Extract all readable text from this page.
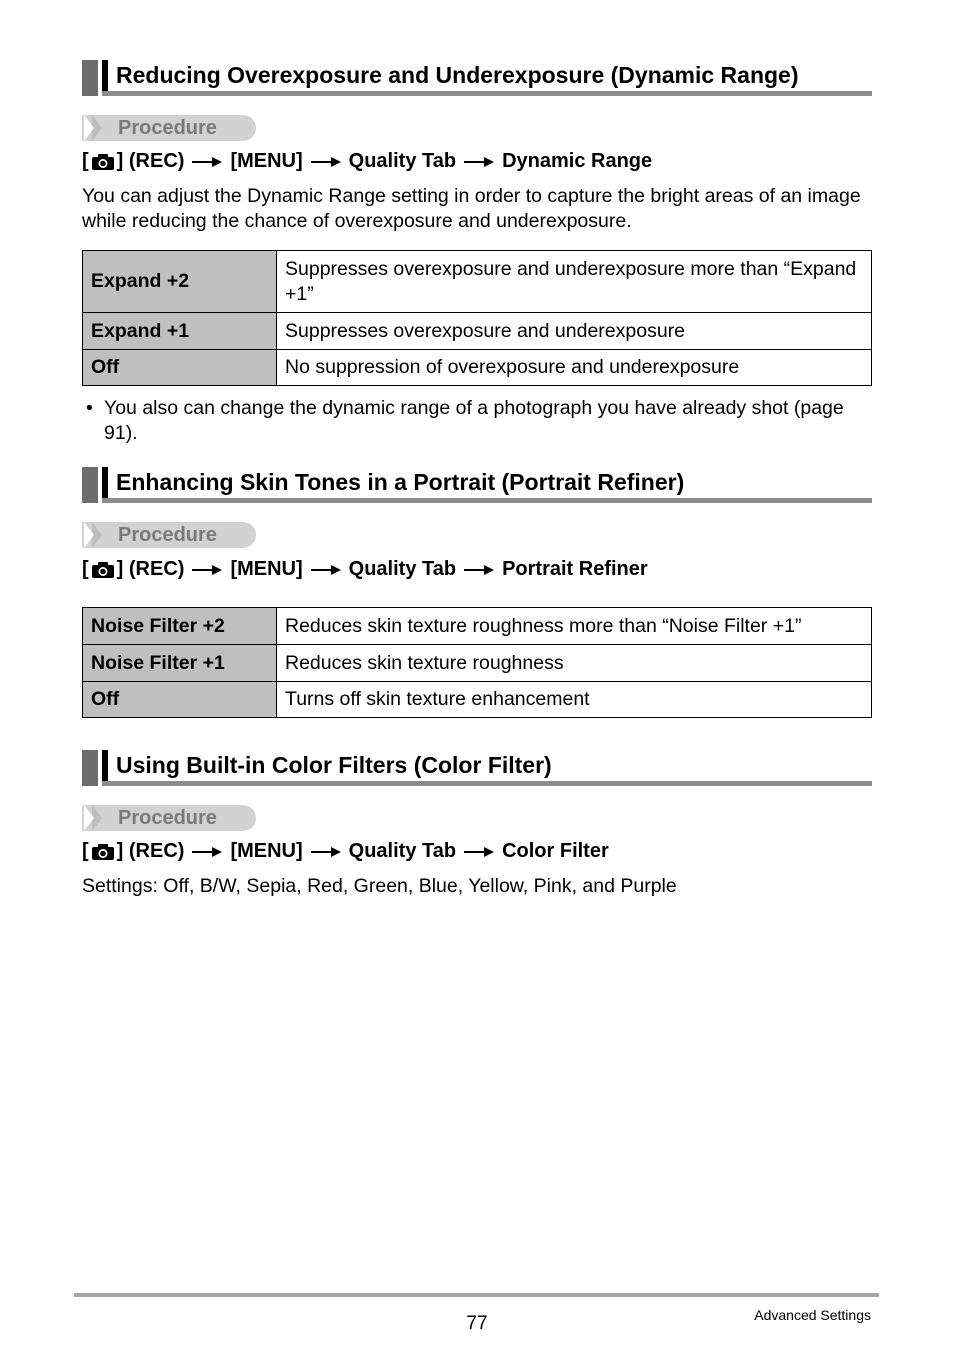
Reducing Overexposure and Underexposure (Dynamic Range)
Procedure
[ ] (REC) [MENU] Quality Tab Dynamic Range
You can adjust the Dynamic Range setting in order to capture the bright areas of an image while reducing the chance of overexposure and underexposure.
Expand +2	Suppresses overexposure and underexposure more than “Expand +1”
Expand +1	Suppresses overexposure and underexposure
Off	No suppression of overexposure and underexposure
• You also can change the dynamic range of a photograph you have already shot (page 91).
Enhancing Skin Tones in a Portrait (Portrait Refiner)
Procedure
[ ] (REC) [MENU] Quality Tab Portrait Refiner
Noise Filter +2	Reduces skin texture roughness more than “Noise Filter +1”
Noise Filter +1	Reduces skin texture roughness
Off	Turns off skin texture enhancement
Using Built-in Color Filters (Color Filter)
Procedure
[ ] (REC) [MENU] Quality Tab Color Filter
Settings: Off, B/W, Sepia, Red, Green, Blue, Yellow, Pink, and Purple
77	Advanced Settings
